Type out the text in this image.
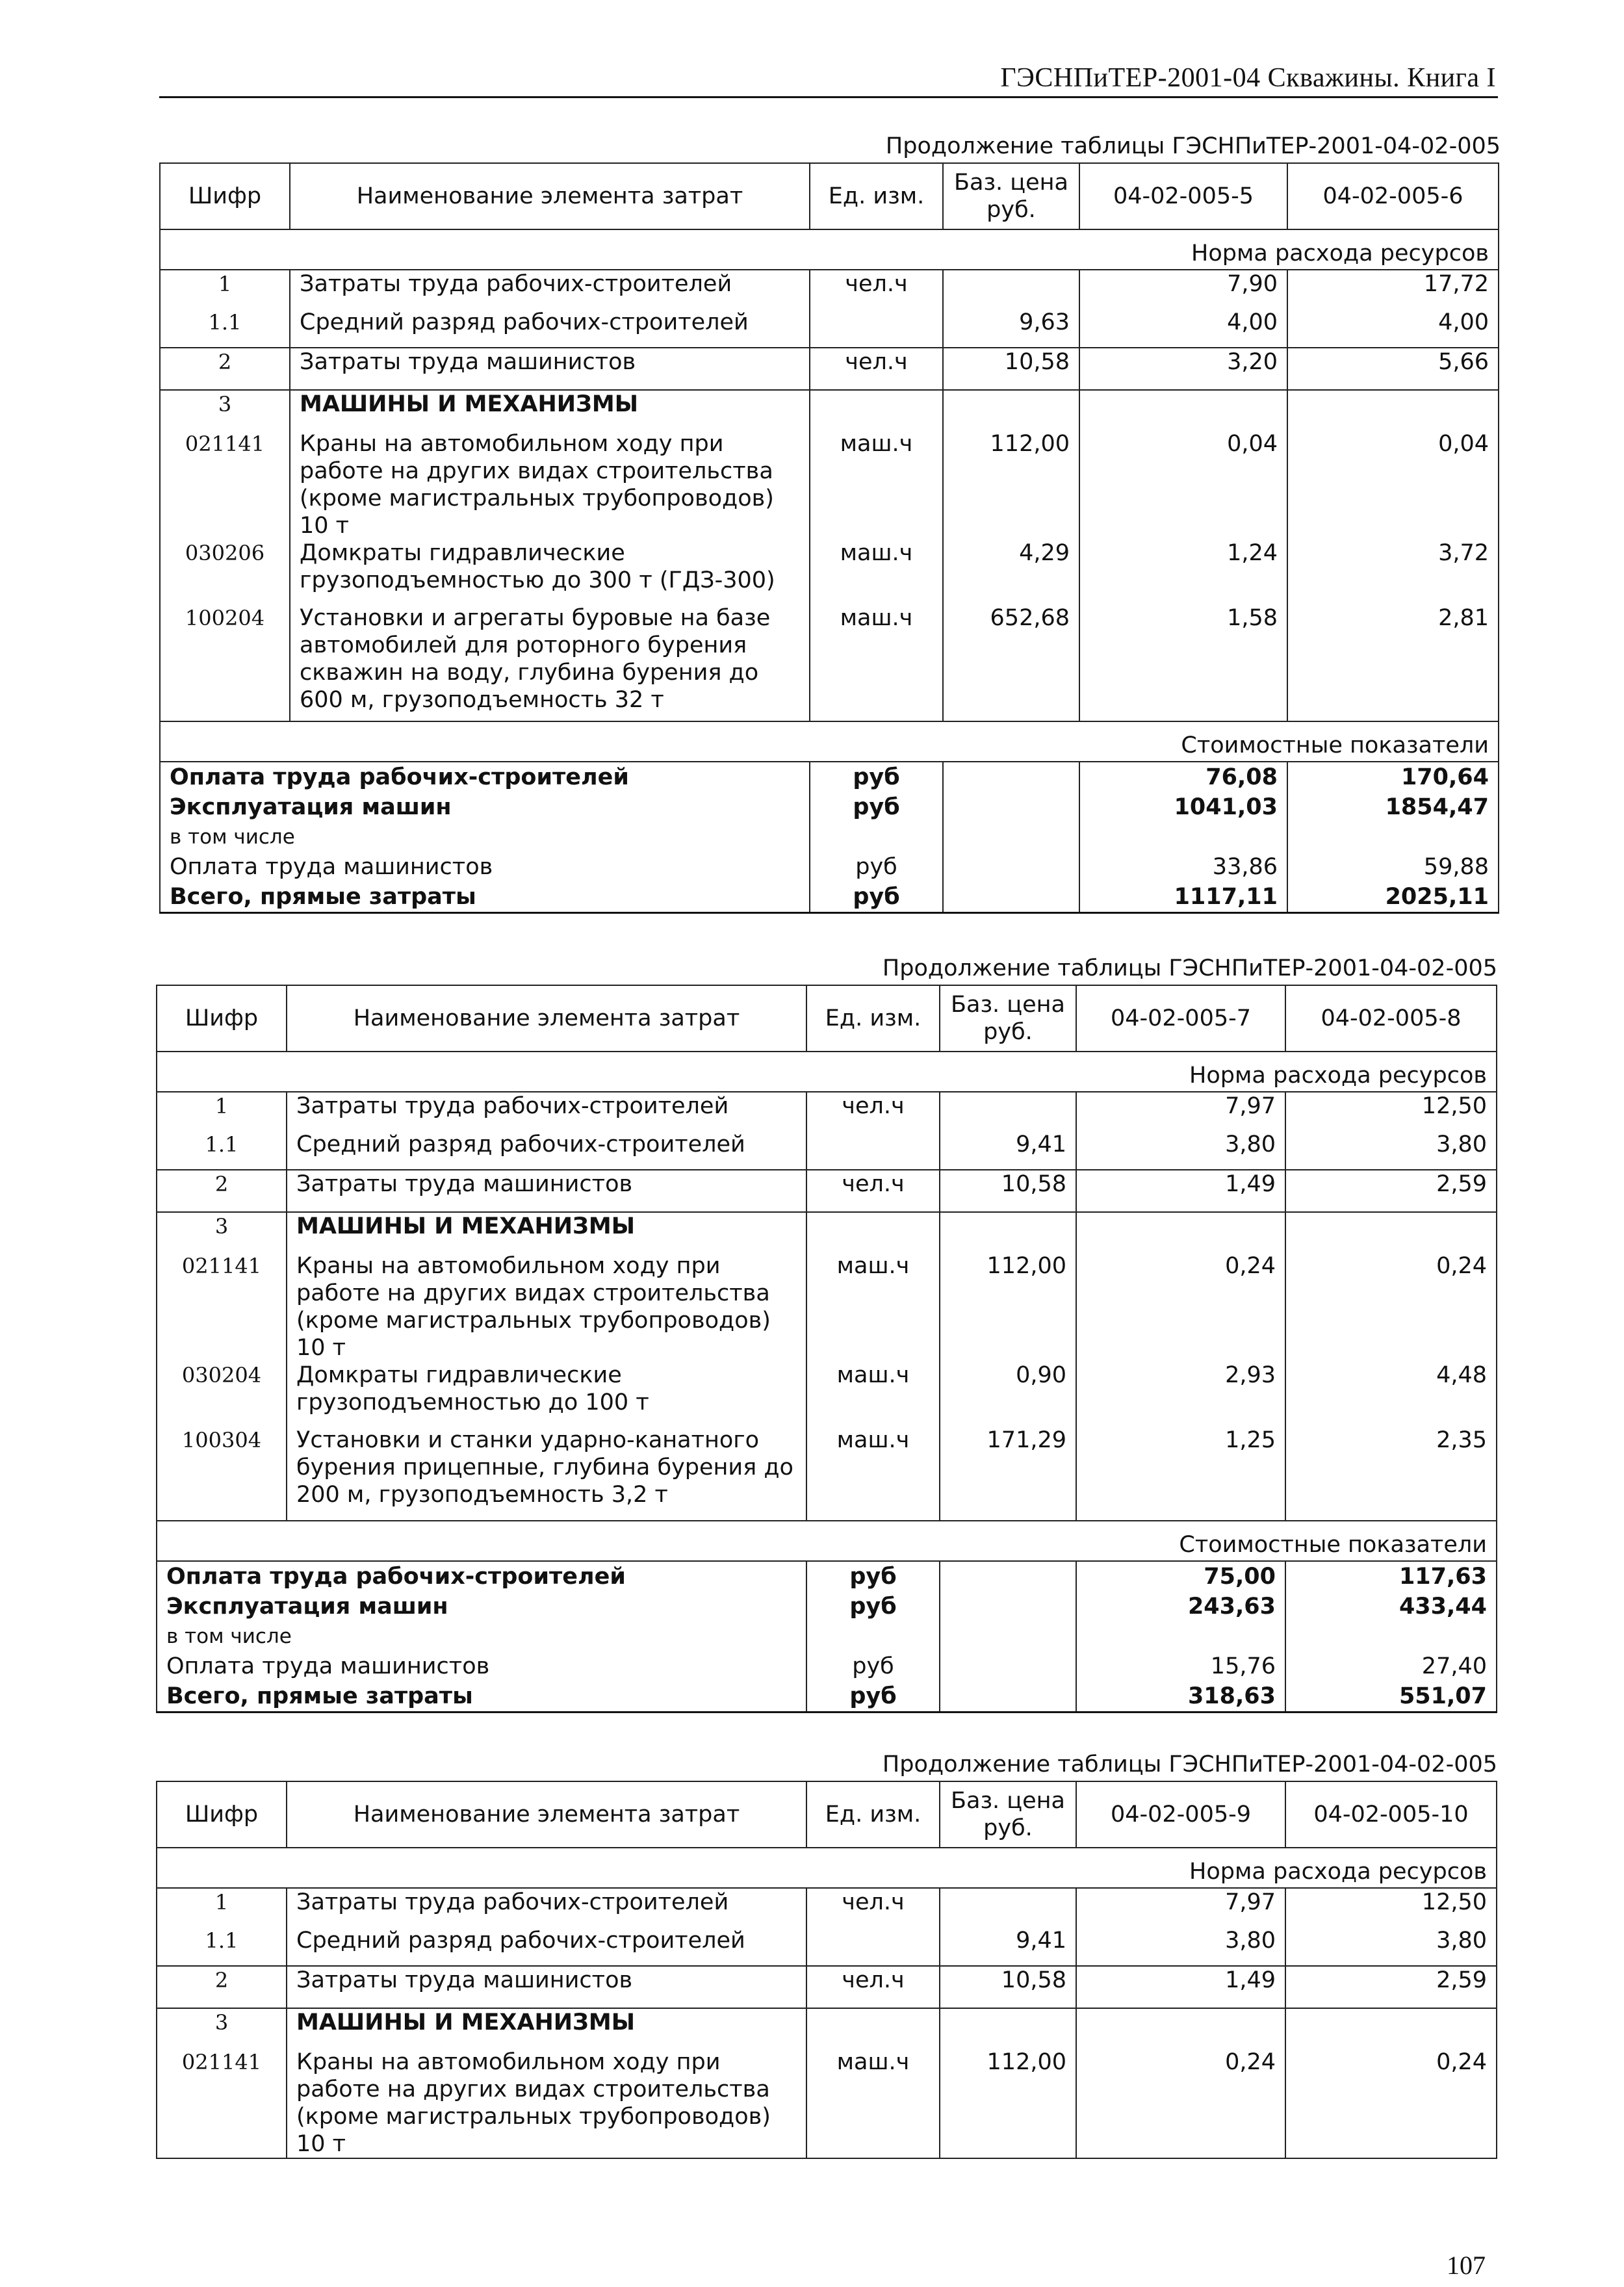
ГЭСНПиТЕР-2001-04 Скважины. Книга I
Продолжение таблицы ГЭСНПиТЕР-2001-04-02-005
Шифр	Наименование элемента затрат	Ед. изм.	Баз. цена руб.	04-02-005-5	04-02-005-6
Норма расхода ресурсов					
1	Затраты труда рабочих-строителей	чел.ч		7,90	17,72
1.1	Средний разряд рабочих-строителей		9,63	4,00	4,00
2	Затраты труда машинистов	чел.ч	10,58	3,20	5,66
3	МАШИНЫ И МЕХАНИЗМЫ				
021141	Краны на автомобильном ходу при работе на других видах строительства (кроме магистральных трубопроводов) 10 т	маш.ч	112,00	0,04	0,04
030206	Домкраты гидравлические грузоподъемностью до 300 т (ГДЗ-300)	маш.ч	4,29	1,24	3,72
100204	Установки и агрегаты буровые на базе автомобилей для роторного бурения скважин на воду, глубина бурения до 600 м, грузоподъемность 32 т	маш.ч	652,68	1,58	2,81
Стоимостные показатели					
Оплата труда рабочих-строителей		руб		76,08	170,64
Эксплуатация машин		руб		1041,03	1854,47
в том числе					
Оплата труда машинистов		руб		33,86	59,88
Всего, прямые затраты		руб		1117,11	2025,11
Продолжение таблицы ГЭСНПиТЕР-2001-04-02-005
Шифр	Наименование элемента затрат	Ед. изм.	Баз. цена руб.	04-02-005-7	04-02-005-8
Норма расхода ресурсов					
1	Затраты труда рабочих-строителей	чел.ч		7,97	12,50
1.1	Средний разряд рабочих-строителей		9,41	3,80	3,80
2	Затраты труда машинистов	чел.ч	10,58	1,49	2,59
3	МАШИНЫ И МЕХАНИЗМЫ				
021141	Краны на автомобильном ходу при работе на других видах строительства (кроме магистральных трубопроводов) 10 т	маш.ч	112,00	0,24	0,24
030204	Домкраты гидравлические грузоподъемностью до 100 т	маш.ч	0,90	2,93	4,48
100304	Установки и станки ударно-канатного бурения прицепные, глубина бурения до 200 м, грузоподъемность 3,2 т	маш.ч	171,29	1,25	2,35
Стоимостные показатели					
Оплата труда рабочих-строителей		руб		75,00	117,63
Эксплуатация машин		руб		243,63	433,44
в том числе					
Оплата труда машинистов		руб		15,76	27,40
Всего, прямые затраты		руб		318,63	551,07
Продолжение таблицы ГЭСНПиТЕР-2001-04-02-005
Шифр	Наименование элемента затрат	Ед. изм.	Баз. цена руб.	04-02-005-9	04-02-005-10
Норма расхода ресурсов					
1	Затраты труда рабочих-строителей	чел.ч		7,97	12,50
1.1	Средний разряд рабочих-строителей		9,41	3,80	3,80
2	Затраты труда машинистов	чел.ч	10,58	1,49	2,59
3	МАШИНЫ И МЕХАНИЗМЫ				
021141	Краны на автомобильном ходу при работе на других видах строительства (кроме магистральных трубопроводов) 10 т	маш.ч	112,00	0,24	0,24
107
